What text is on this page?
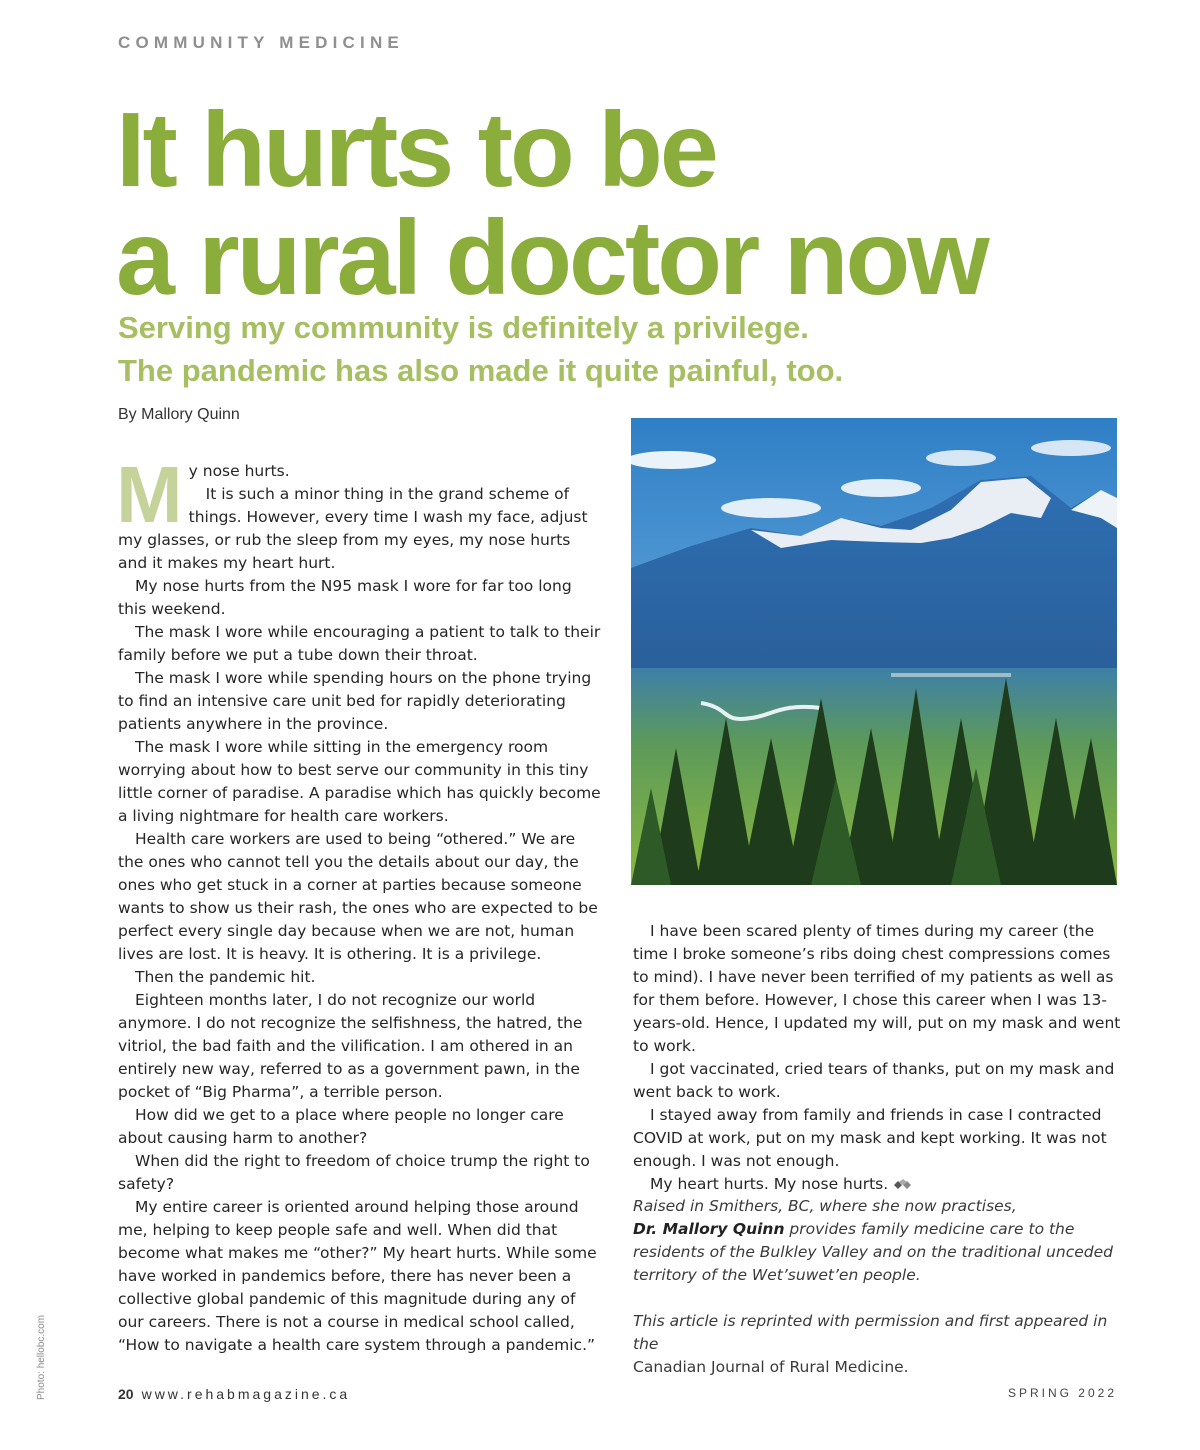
COMMUNITY MEDICINE
It hurts to be
a rural doctor now
Serving my community is definitely a privilege.
The pandemic has also made it quite painful, too.
By Mallory Quinn

My nose hurts.

It is such a minor thing in the grand scheme of things. However, every time I wash my face, adjust my glasses, or rub the sleep from my eyes, my nose hurts and it makes my heart hurt.

My nose hurts from the N95 mask I wore for far too long this weekend.

The mask I wore while encouraging a patient to talk to their family before we put a tube down their throat.

The mask I wore while spending hours on the phone trying to find an intensive care unit bed for rapidly deteriorating patients anywhere in the province.

The mask I wore while sitting in the emergency room worrying about how to best serve our community in this tiny little corner of paradise. A paradise which has quickly become a living nightmare for health care workers.

Health care workers are used to being “othered.” We are the ones who cannot tell you the details about our day, the ones who get stuck in a corner at parties because someone wants to show us their rash, the ones who are expected to be perfect every single day because when we are not, human lives are lost. It is heavy. It is othering. It is a privilege.

Then the pandemic hit.

Eighteen months later, I do not recognize our world anymore. I do not recognize the selfishness, the hatred, the vitriol, the bad faith and the vilification. I am othered in an entirely new way, referred to as a government pawn, in the pocket of “Big Pharma”, a terrible person.

How did we get to a place where people no longer care about causing harm to another?

When did the right to freedom of choice trump the right to safety?

My entire career is oriented around helping those around me, helping to keep people safe and well. When did that become what makes me “other?” My heart hurts. While some have worked in pandemics before, there has never been a collective global pandemic of this magnitude during any of our careers. There is not a course in medical school called, “How to navigate a health care system through a pandemic.”

I have been scared plenty of times during my career (the time I broke someone’s ribs doing chest compressions comes to mind). I have never been terrified of my patients as well as for them before. However, I chose this career when I was 13-years-old. Hence, I updated my will, put on my mask and went to work.

I got vaccinated, cried tears of thanks, put on my mask and went back to work.

I stayed away from family and friends in case I contracted COVID at work, put on my mask and kept working. It was not enough. I was not enough.

My heart hurts. My nose hurts.

Raised in Smithers, BC, where she now practises,
Dr. Mallory Quinn provides family medicine care to the residents of the Bulkley Valley and on the traditional unceded territory of the Wet’suwet’en people.

This article is reprinted with permission and first appeared in the
Canadian Journal of Rural Medicine.

Photo: hellobc.com	20 www.rehabmagazine.ca	SPRING 2022
